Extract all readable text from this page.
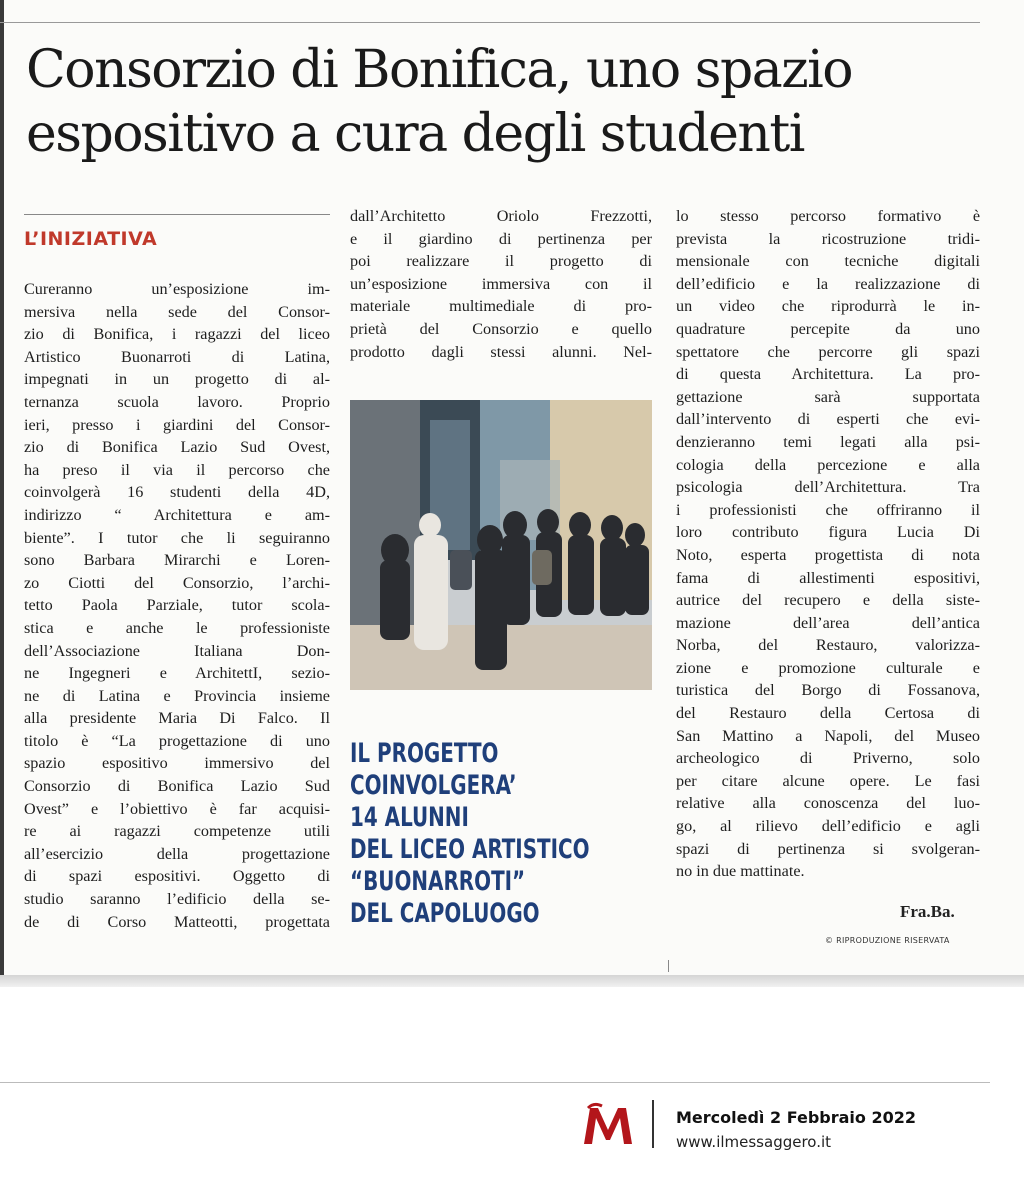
Consorzio di Bonifica, uno spazio
espositivo a cura degli studenti
L’INIZIATIVA
Cureranno un’esposizione im-
mersiva nella sede del Consor-
zio di Bonifica, i ragazzi del liceo
Artistico Buonarroti di Latina,
impegnati in un progetto di al-
ternanza scuola lavoro. Proprio
ieri, presso i giardini del Consor-
zio di Bonifica Lazio Sud Ovest,
ha preso il via il percorso che
coinvolgerà 16 studenti della 4D,
indirizzo “ Architettura e am-
biente”. I tutor che li seguiranno
sono Barbara Mirarchi e Loren-
zo Ciotti del Consorzio, l’archi-
tetto Paola Parziale, tutor scola-
stica e anche le professioniste
dell’Associazione Italiana Don-
ne Ingegneri e ArchitettI, sezio-
ne di Latina e Provincia insieme
alla presidente Maria Di Falco. Il
titolo è “La progettazione di uno
spazio espositivo immersivo del
Consorzio di Bonifica Lazio Sud
Ovest” e l’obiettivo è far acquisi-
re ai ragazzi competenze utili
all’esercizio della progettazione
di spazi espositivi. Oggetto di
studio saranno l’edificio della se-
de di Corso Matteotti, progettata
dall’Architetto Oriolo Frezzotti,
e il giardino di pertinenza per
poi realizzare il progetto di
un’esposizione immersiva con il
materiale multimediale di pro-
prietà del Consorzio e quello
prodotto dagli stessi alunni. Nel-
lo stesso percorso formativo è
prevista la ricostruzione tridi-
mensionale con tecniche digitali
dell’edificio e la realizzazione di
un video che riprodurrà le in-
quadrature percepite da uno
spettatore che percorre gli spazi
di questa Architettura. La pro-
gettazione sarà supportata
dall’intervento di esperti che evi-
denzieranno temi legati alla psi-
cologia della percezione e alla
psicologia dell’Architettura. Tra
i professionisti che offriranno il
loro contributo figura Lucia Di
Noto, esperta progettista di nota
fama di allestimenti espositivi,
autrice del recupero e della siste-
mazione dell’area dell’antica
Norba, del Restauro, valorizza-
zione e promozione culturale e
turistica del Borgo di Fossanova,
del Restauro della Certosa di
San Mattino a Napoli, del Museo
archeologico di Priverno, solo
per citare alcune opere. Le fasi
relative alla conoscenza del luo-
go, al rilievo dell’edificio e agli
spazi di pertinenza si svolgeran-
no in due mattinate.
IL PROGETTO
COINVOLGERA’
14 ALUNNI
DEL LICEO ARTISTICO
“BUONARROTI”
DEL CAPOLUOGO	Fra.Ba.
© RIPRODUZIONE RISERVATA
Mercoledì 2 Febbraio 2022
www.ilmessaggero.it
